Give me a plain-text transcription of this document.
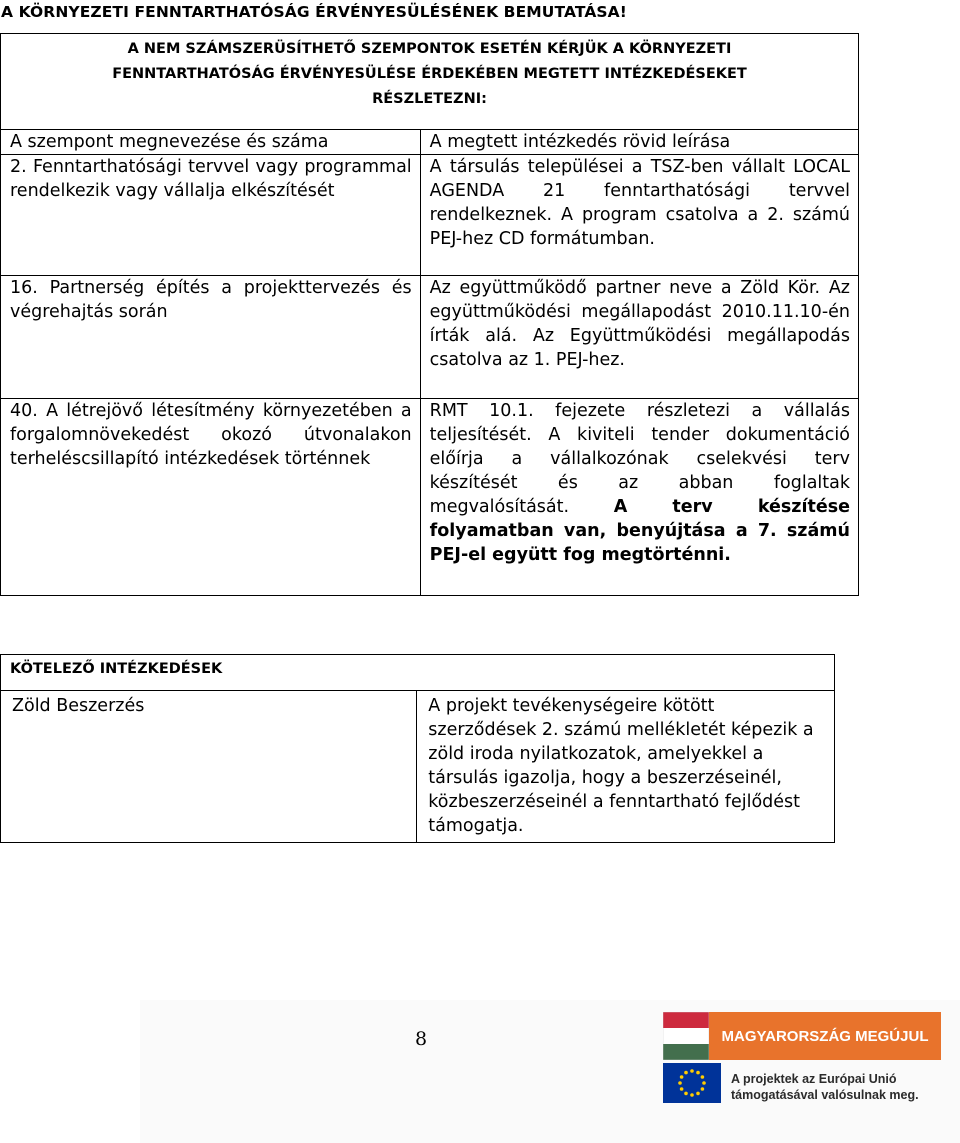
A KÖRNYEZETI FENNTARTHATÓSÁG ÉRVÉNYESÜLÉSÉNEK BEMUTATÁSA!
A NEM SZÁMSZERÜSÍTHETŐ SZEMPONTOK ESETÉN KÉRJÜK A KÖRNYEZETI
FENNTARTHATÓSÁG ÉRVÉNYESÜLÉSE ÉRDEKÉBEN MEGTETT INTÉZKEDÉSEKET
RÉSZLETEZNI:	

A szempont megnevezése és száma	A megtett intézkedés rövid leírása

2. Fenntarthatósági tervvel vagy programmal rendelkezik vagy vállalja elkészítését	A társulás települései a TSZ-ben vállalt LOCAL AGENDA 21 fenntarthatósági tervvel rendelkeznek. A program csatolva a 2. számú PEJ-hez CD formátumban.

16. Partnerség építés a projekttervezés és végrehajtás során	Az együttműködő partner neve a Zöld Kör. Az együttműködési megállapodást 2010.11.10-én írták alá. Az Együttműködési megállapodás csatolva az 1. PEJ-hez.

40. A létrejövő létesítmény környezetében a forgalomnövekedést okozó útvonalakon terheléscsillapító intézkedések történnek	RMT 10.1. fejezete részletezi a vállalás teljesítését. A kiviteli tender dokumentáció előírja a vállalkozónak cselekvési terv készítését és az abban foglaltak megvalósítását. A terv készítése folyamatban van, benyújtása a 7. számú PEJ-el együtt fog megtörténni.
KÖTELEZŐ INTÉZKEDÉSEK

Zöld Beszerzés	A projekt tevékenységeire kötött szerződések 2. számú mellékletét képezik a zöld iroda nyilatkozatok, amelyekkel a társulás igazolja, hogy a beszerzéseinél, közbeszerzéseinél a fenntartható fejlődést támogatja.
8	MAGYARORSZÁG MEGÚJUL
A projektek az Európai Unió
támogatásával valósulnak meg.
